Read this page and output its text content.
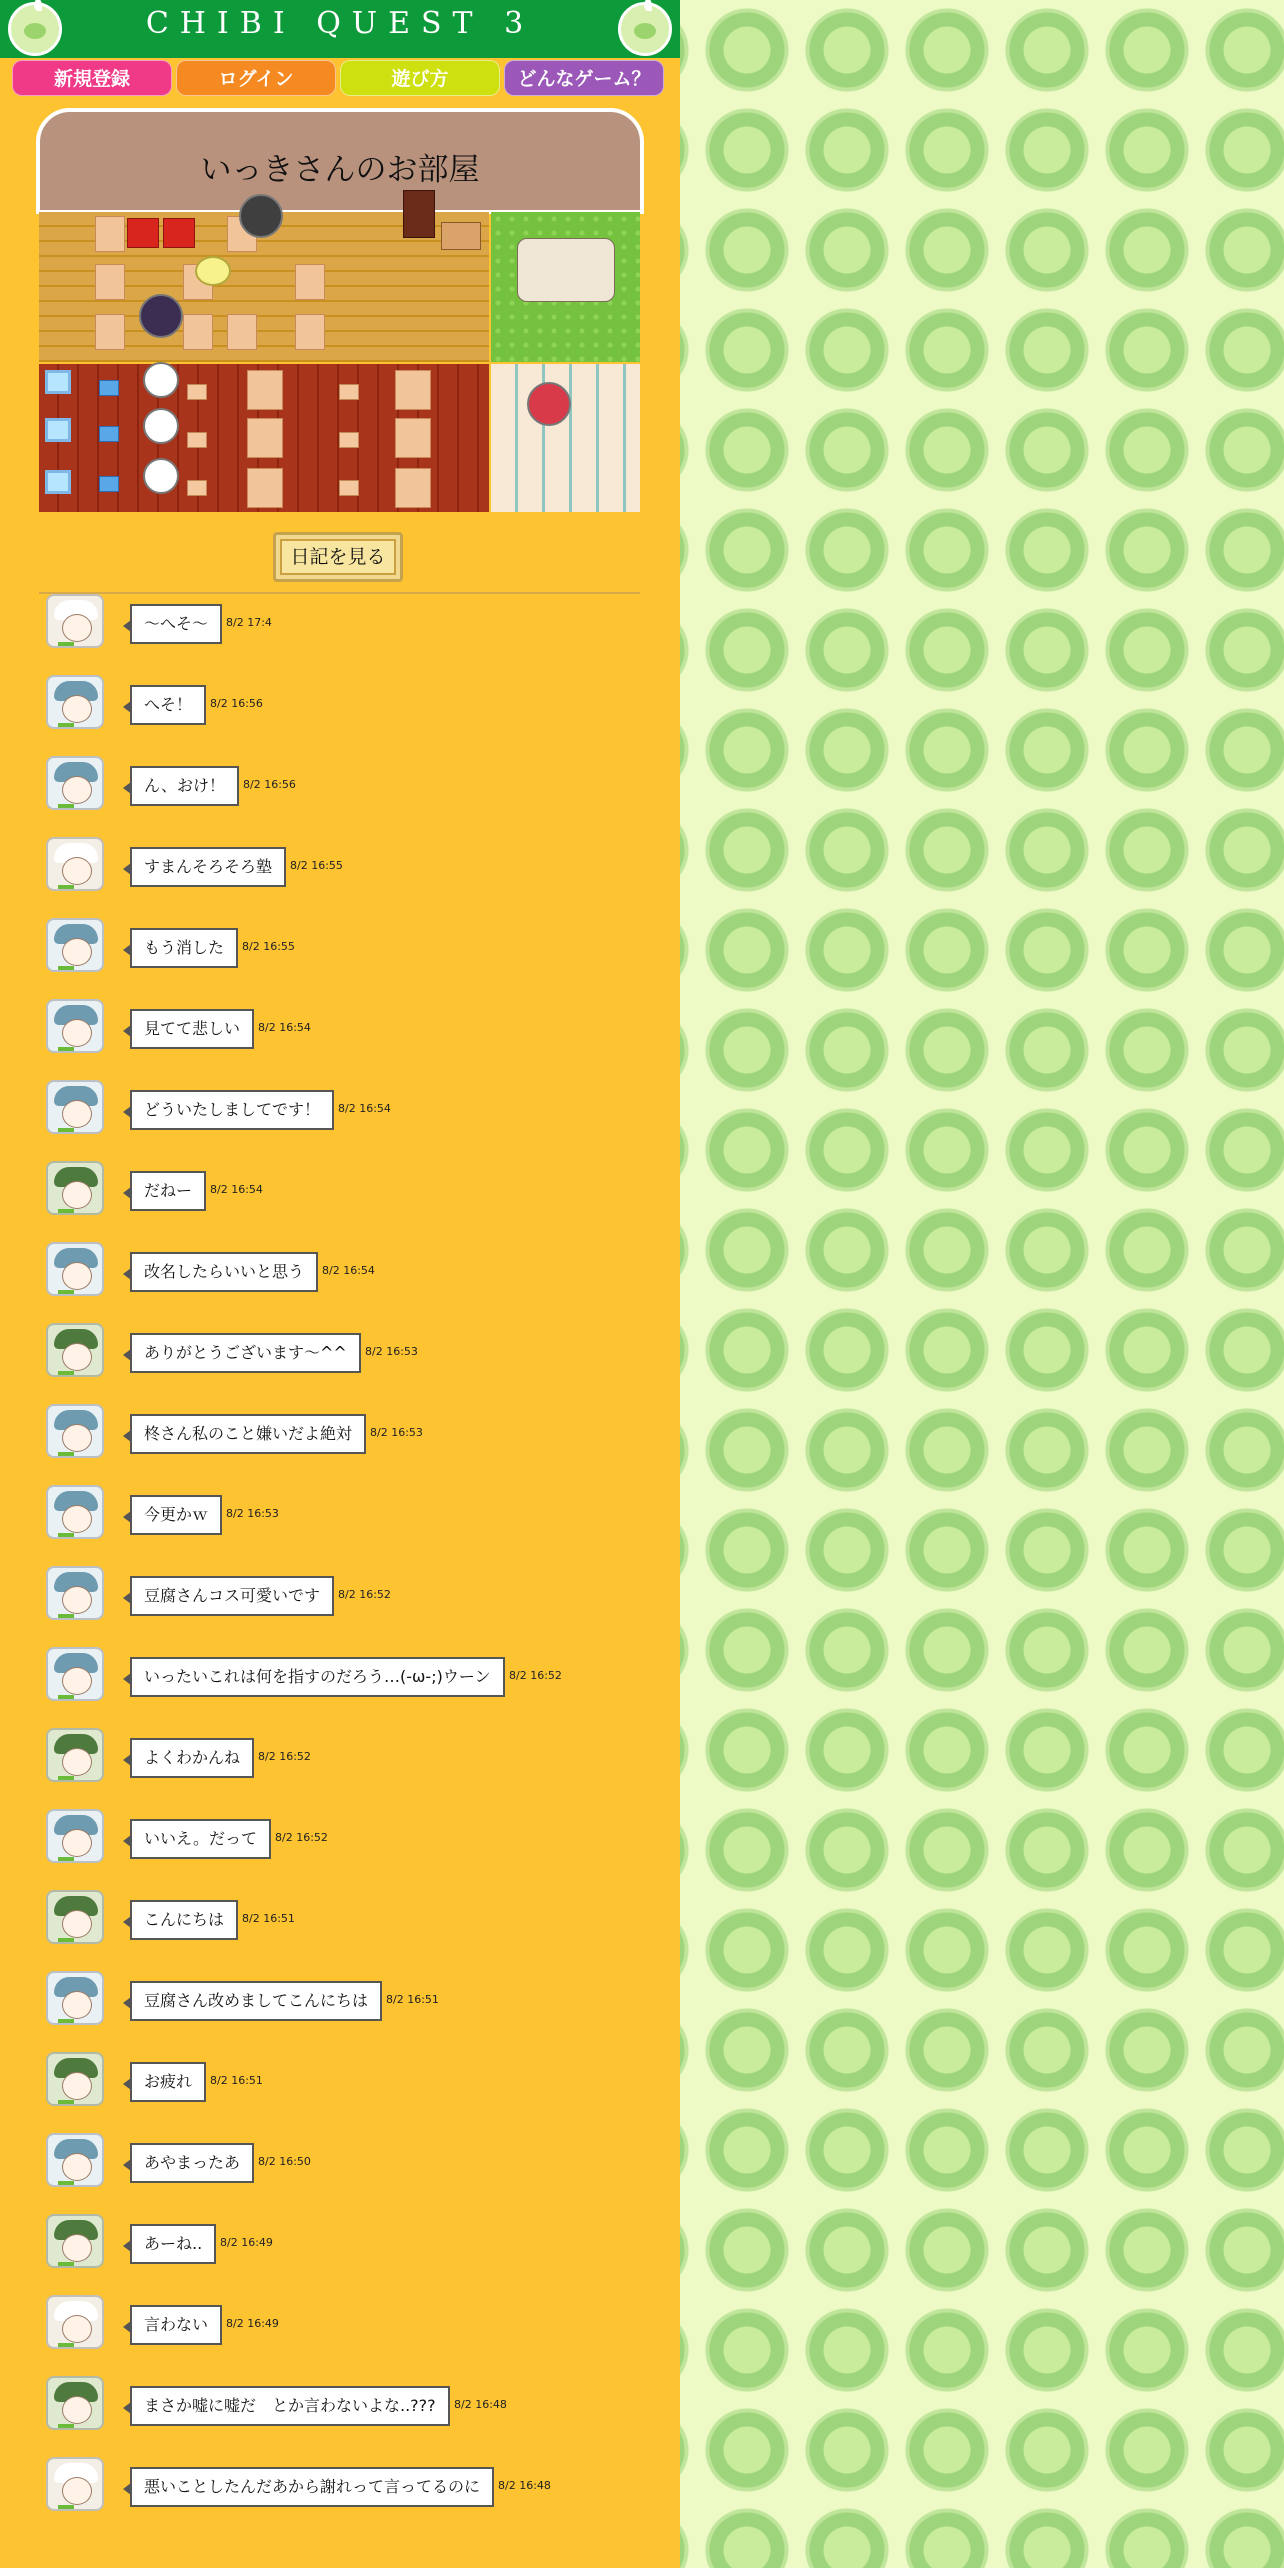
CHIBI QUEST 3
新規登録	ログイン	遊び方	どんなゲーム？
いっきさんのお部屋
日記を見る
～へそ～	8/2 17:4
へそ！	8/2 16:56
ん、おけ！	8/2 16:56
すまんそろそろ塾	8/2 16:55
もう消した	8/2 16:55
見てて悲しい	8/2 16:54
どういたしましてです！	8/2 16:54
だねー	8/2 16:54
改名したらいいと思う	8/2 16:54
ありがとうございます～^^	8/2 16:53
柊さん私のこと嫌いだよ絶対	8/2 16:53
今更かｗ	8/2 16:53
豆腐さんコス可愛いです	8/2 16:52
いったいこれは何を指すのだろう…(-ω-;)ウーン	8/2 16:52
よくわかんね	8/2 16:52
いいえ。だって	8/2 16:52
こんにちは	8/2 16:51
豆腐さん改めましてこんにちは	8/2 16:51
お疲れ	8/2 16:51
あやまったあ	8/2 16:50
あーね..	8/2 16:49
言わない	8/2 16:49
まさか嘘に嘘だ　とか言わないよな..???	8/2 16:48
悪いことしたんだあから謝れって言ってるのに	8/2 16:48
